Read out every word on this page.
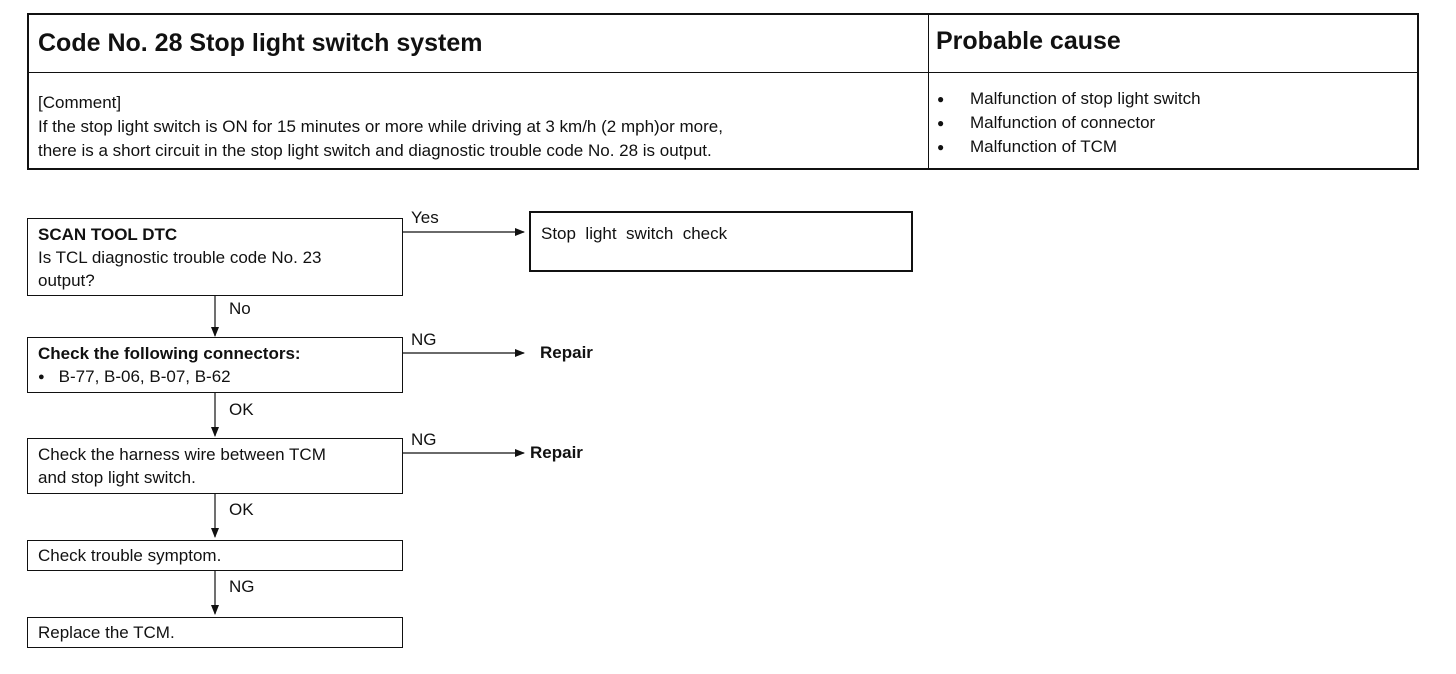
Code No. 28 Stop light switch system	Probable cause
[Comment]
If the stop light switch is ON for 15 minutes or more while driving at 3 km/h (2 mph)or more,
there is a short circuit in the stop light switch and diagnostic trouble code No. 28 is output.
● Malfunction of stop light switch
● Malfunction of connector
● Malfunction of TCM
SCAN TOOL DTC
Is TCL diagnostic trouble code No. 23
output?
Yes
Stop  light  switch  check
No
Check the following connectors:
● B-77, B-06, B-07, B-62
NG
Repair
OK
Check the harness wire between TCM
and stop light switch.
NG
Repair
OK
Check trouble symptom.
NG
Replace the TCM.
